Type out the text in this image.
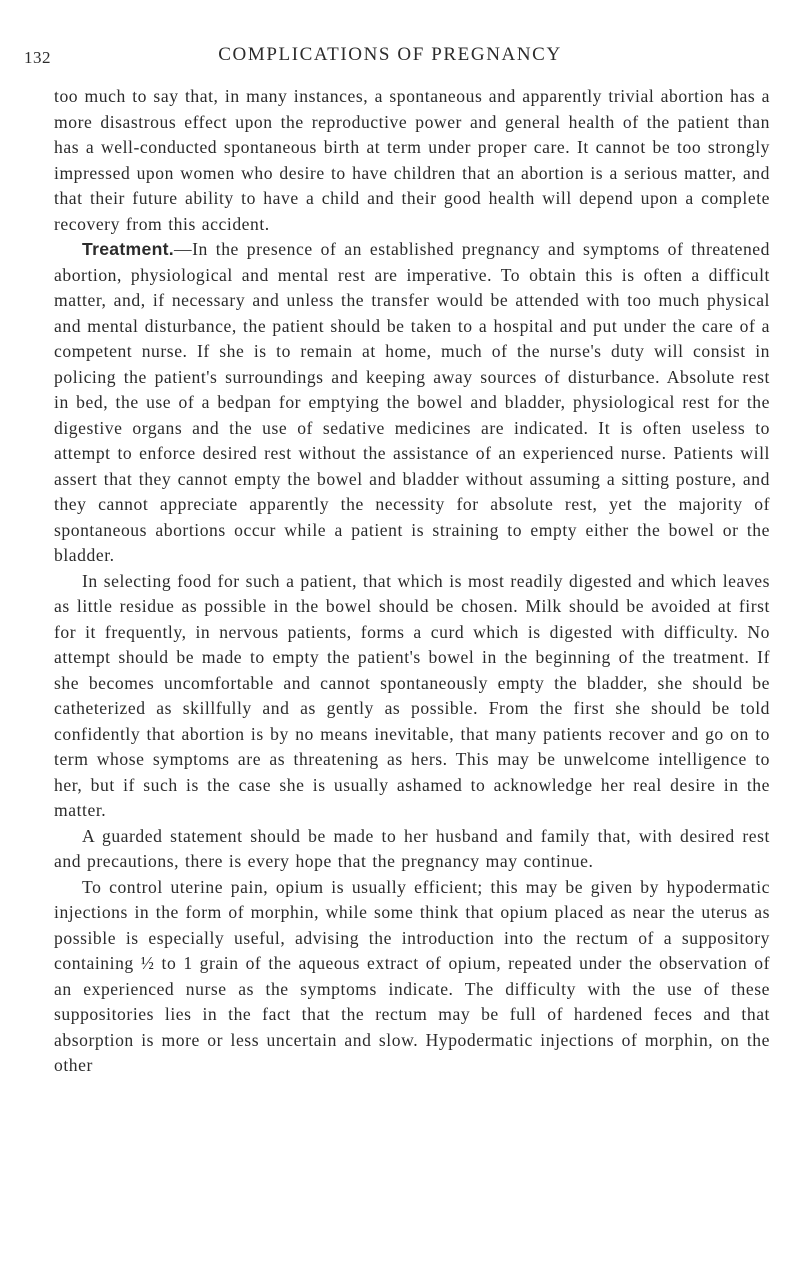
132	COMPLICATIONS OF PREGNANCY

too much to say that, in many instances, a spontaneous and apparently trivial abortion has a more disastrous effect upon the reproductive power and general health of the patient than has a well-conducted spontaneous birth at term under proper care. It cannot be too strongly impressed upon women who desire to have children that an abortion is a serious matter, and that their future ability to have a child and their good health will depend upon a complete recovery from this accident.

Treatment.—In the presence of an established pregnancy and symptoms of threatened abortion, physiological and mental rest are imperative. To obtain this is often a difficult matter, and, if necessary and unless the transfer would be attended with too much physical and mental disturbance, the patient should be taken to a hospital and put under the care of a competent nurse. If she is to remain at home, much of the nurse's duty will consist in policing the patient's surroundings and keeping away sources of disturbance. Absolute rest in bed, the use of a bedpan for emptying the bowel and bladder, physiological rest for the digestive organs and the use of sedative medicines are indicated. It is often useless to attempt to enforce desired rest without the assistance of an experienced nurse. Patients will assert that they cannot empty the bowel and bladder without assuming a sitting posture, and they cannot appreciate apparently the necessity for absolute rest, yet the majority of spontaneous abortions occur while a patient is straining to empty either the bowel or the bladder.

In selecting food for such a patient, that which is most readily digested and which leaves as little residue as possible in the bowel should be chosen. Milk should be avoided at first for it frequently, in nervous patients, forms a curd which is digested with difficulty. No attempt should be made to empty the patient's bowel in the beginning of the treatment. If she becomes uncomfortable and cannot spontaneously empty the bladder, she should be catheterized as skillfully and as gently as possible. From the first she should be told confidently that abortion is by no means inevitable, that many patients recover and go on to term whose symptoms are as threatening as hers. This may be unwelcome intelligence to her, but if such is the case she is usually ashamed to acknowledge her real desire in the matter.

A guarded statement should be made to her husband and family that, with desired rest and precautions, there is every hope that the pregnancy may continue.

To control uterine pain, opium is usually efficient; this may be given by hypodermatic injections in the form of morphin, while some think that opium placed as near the uterus as possible is especially useful, advising the introduction into the rectum of a suppository containing ½ to 1 grain of the aqueous extract of opium, repeated under the observation of an experienced nurse as the symptoms indicate. The difficulty with the use of these suppositories lies in the fact that the rectum may be full of hardened feces and that absorption is more or less uncertain and slow. Hypodermatic injections of morphin, on the other
